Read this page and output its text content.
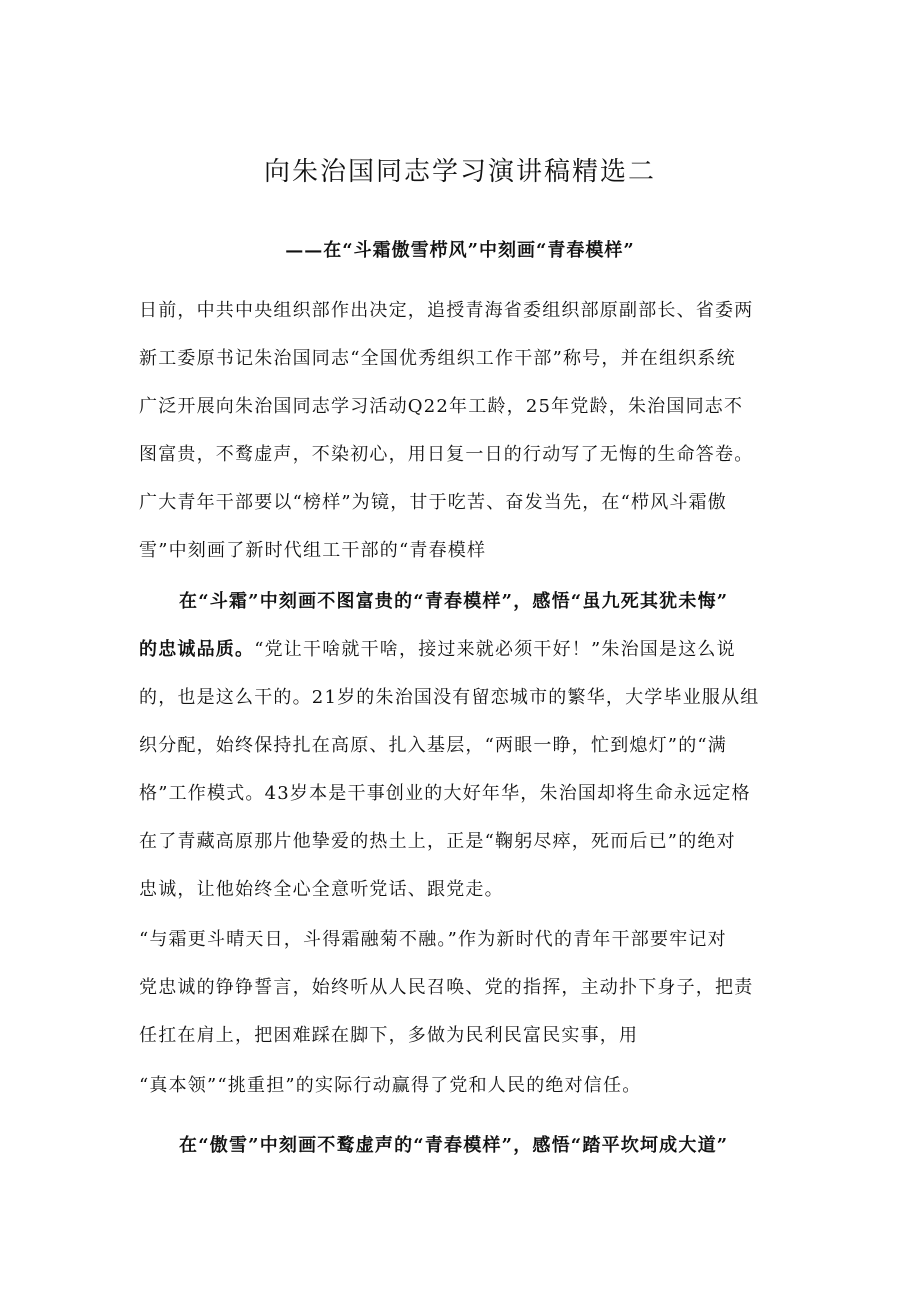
向朱治国同志学习演讲稿精选二
——在“斗霜傲雪栉风”中刻画“青春模样”

日前，中共中央组织部作出决定，追授青海省委组织部原副部长、省委两

新工委原书记朱治国同志“全国优秀组织工作干部”称号，并在组织系统

广泛开展向朱治国同志学习活动Q22年工龄，25年党龄，朱治国同志不

图富贵，不鹜虚声，不染初心，用日复一日的行动写了无悔的生命答卷。

广大青年干部要以“榜样”为镜，甘于吃苦、奋发当先，在“栉风斗霜傲

雪”中刻画了新时代组工干部的“青春模样

在“斗霜”中刻画不图富贵的“青春模样”，感悟“虽九死其犹未悔”

的忠诚品质。“党让干啥就干啥，接过来就必须干好！”朱治国是这么说

的，也是这么干的。21岁的朱治国没有留恋城市的繁华，大学毕业服从组

织分配，始终保持扎在高原、扎入基层，“两眼一睁，忙到熄灯”的“满

格”工作模式。43岁本是干事创业的大好年华，朱治国却将生命永远定格

在了青藏高原那片他挚爱的热土上，正是“鞠躬尽瘁，死而后已”的绝对

忠诚，让他始终全心全意听党话、跟党走。

“与霜更斗晴天日，斗得霜融菊不融。”作为新时代的青年干部要牢记对

党忠诚的铮铮誓言，始终听从人民召唤、党的指挥，主动扑下身子，把责

任扛在肩上，把困难踩在脚下，多做为民利民富民实事，用

“真本领”“挑重担”的实际行动赢得了党和人民的绝对信任。

在“傲雪”中刻画不鹜虚声的“青春模样”，感悟“踏平坎坷成大道”
